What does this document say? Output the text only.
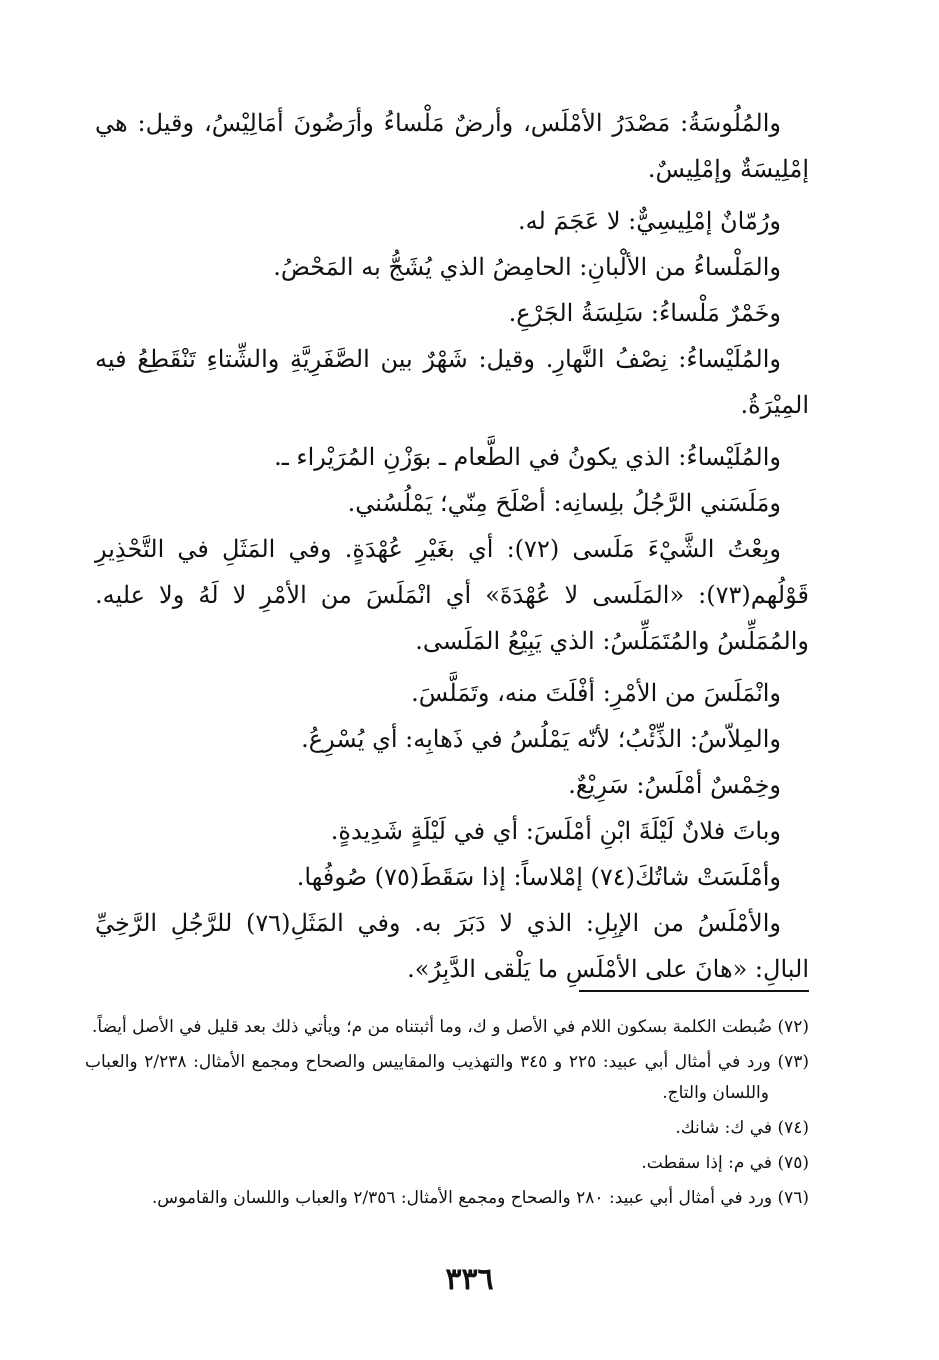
والمُلُوسَةُ: مَصْدَرُ الأمْلَس، وأرضٌ مَلْساءُ وأرَضُونَ أمَالِيْسُ، وقيل: هي إمْلِيسَةٌ وإمْلِيسٌ.

ورُمّانٌ إمْلِيسِيٌّ: لا عَجَمَ له.

والمَلْساءُ من الألْبانِ: الحامِضُ الذي يُشَجُّ به المَحْضُ.

وخَمْرٌ مَلْساءُ: سَلِسَةُ الجَرْعِ.

والمُلَيْساءُ: نِصْفُ النَّهارِ. وقيل: شَهْرٌ بين الصَّفَرِيَّةِ والشِّتاءِ تَنْقَطِعُ فيه المِيْرَةُ.

والمُلَيْساءُ: الذي يكونُ في الطَّعام ـ بوَزْنِ المُرَيْراء ـ.

ومَلَسَني الرَّجُلُ بلِسانِه: أصْلَحَ مِنّي؛ يَمْلُسُني.

وبِعْتُ الشَّيْءَ مَلَسى (٧٢): أي بغَيْرِ عُهْدَةٍ. وفي المَثَلِ في التَّحْذِيرِ قَوْلُهم(٧٣): «المَلَسى لا عُهْدَةَ» أي انْمَلَسَ من الأمْرِ لا لَهُ ولا عليه. والمُمَلِّسُ والمُتَمَلِّسُ: الذي يَبِيْعُ المَلَسى.

وانْمَلَسَ من الأمْرِ: أفْلَتَ منه، وتَمَلَّسَ.

والمِلاّسُ: الذِّئْبُ؛ لأنّه يَمْلُسُ في ذَهابِه: أي يُسْرِعُ.

وخِمْسٌ أمْلَسُ: سَرِيْعٌ.

وباتَ فلانٌ لَيْلَةَ ابْنِ أمْلَسَ: أي في لَيْلَةٍ شَدِيدةٍ.

وأمْلَسَتْ شاتُكَ(٧٤) إمْلاساً: إذا سَقَطَ(٧٥) صُوفُها.

والأمْلَسُ من الإبِلِ: الذي لا دَبَرَ به. وفي المَثَلِ(٧٦) للرَّجُلِ الرَّخِيِّ البالِ: «هانَ على الأمْلَسِ ما يَلْقى الدَّبِرُ».

(٧٢) ضُبطت الكلمة بسكون اللام في الأصل و ك، وما أثبتناه من م؛ ويأتي ذلك بعد قليل في الأصل أيضاً.

(٧٣) ورد في أمثال أبي عبيد: ٢٢٥ و ٣٤٥ والتهذيب والمقاييس والصحاح ومجمع الأمثال: ٢/٢٣٨ والعباب واللسان والتاج.

(٧٤) في ك: شانك.

(٧٥) في م: إذا سقطت.

(٧٦) ورد في أمثال أبي عبيد: ٢٨٠ والصحاح ومجمع الأمثال: ٢/٣٥٦ والعباب واللسان والقاموس.

٣٣٦
